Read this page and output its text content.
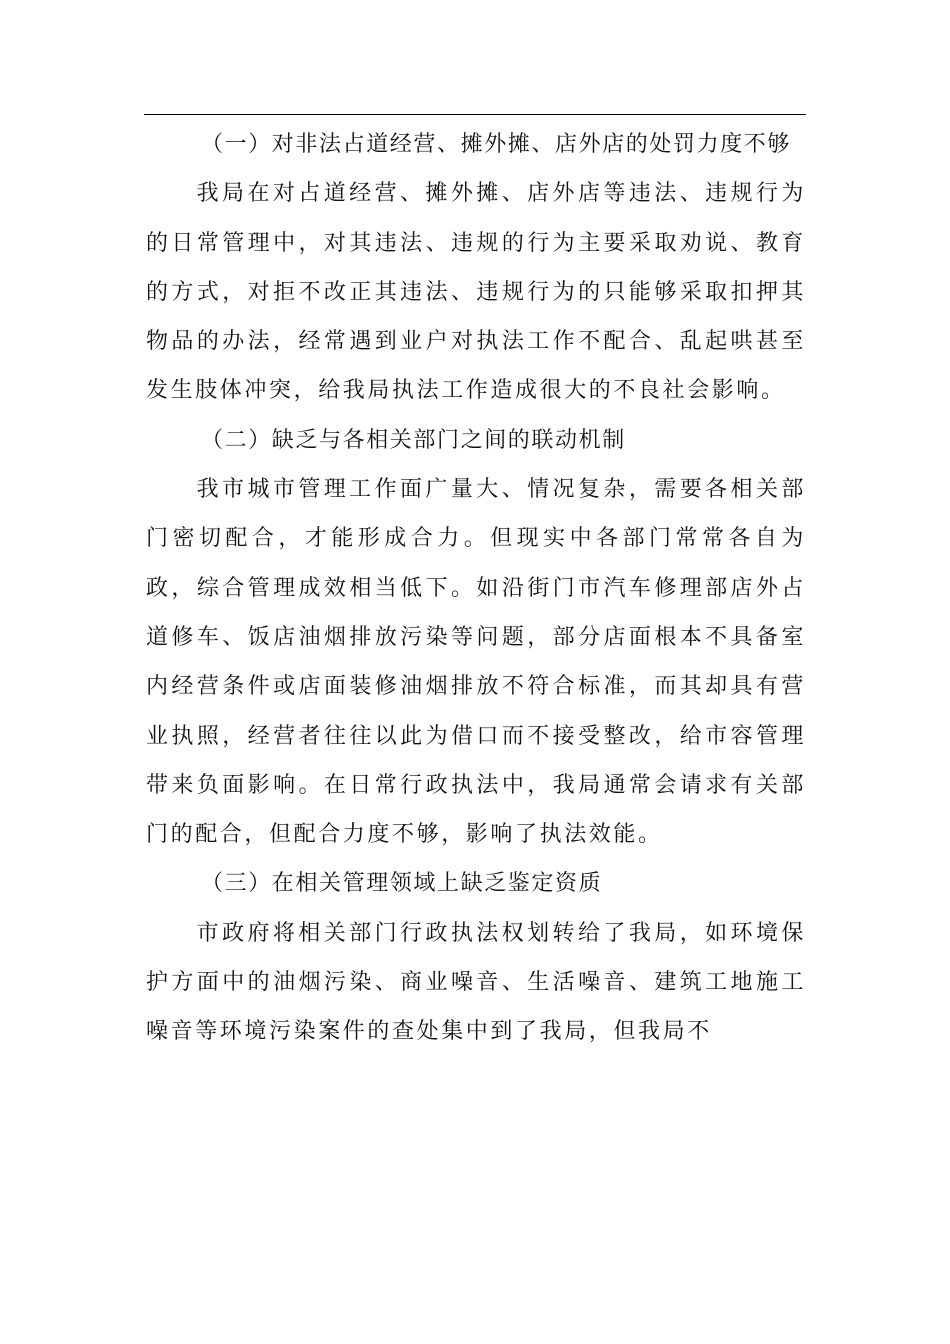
（一）对非法占道经营、摊外摊、店外店的处罚力度不够

我局在对占道经营、摊外摊、店外店等违法、违规行为的日常管理中，对其违法、违规的行为主要采取劝说、教育的方式，对拒不改正其违法、违规行为的只能够采取扣押其物品的办法，经常遇到业户对执法工作不配合、乱起哄甚至发生肢体冲突，给我局执法工作造成很大的不良社会影响。

（二）缺乏与各相关部门之间的联动机制

我市城市管理工作面广量大、情况复杂，需要各相关部门密切配合，才能形成合力。但现实中各部门常常各自为政，综合管理成效相当低下。如沿街门市汽车修理部店外占道修车、饭店油烟排放污染等问题，部分店面根本不具备室内经营条件或店面装修油烟排放不符合标准，而其却具有营业执照，经营者往往以此为借口而不接受整改，给市容管理带来负面影响。在日常行政执法中，我局通常会请求有关部门的配合，但配合力度不够，影响了执法效能。

（三）在相关管理领域上缺乏鉴定资质

市政府将相关部门行政执法权划转给了我局，如环境保护方面中的油烟污染、商业噪音、生活噪音、建筑工地施工噪音等环境污染案件的查处集中到了我局，但我局不
